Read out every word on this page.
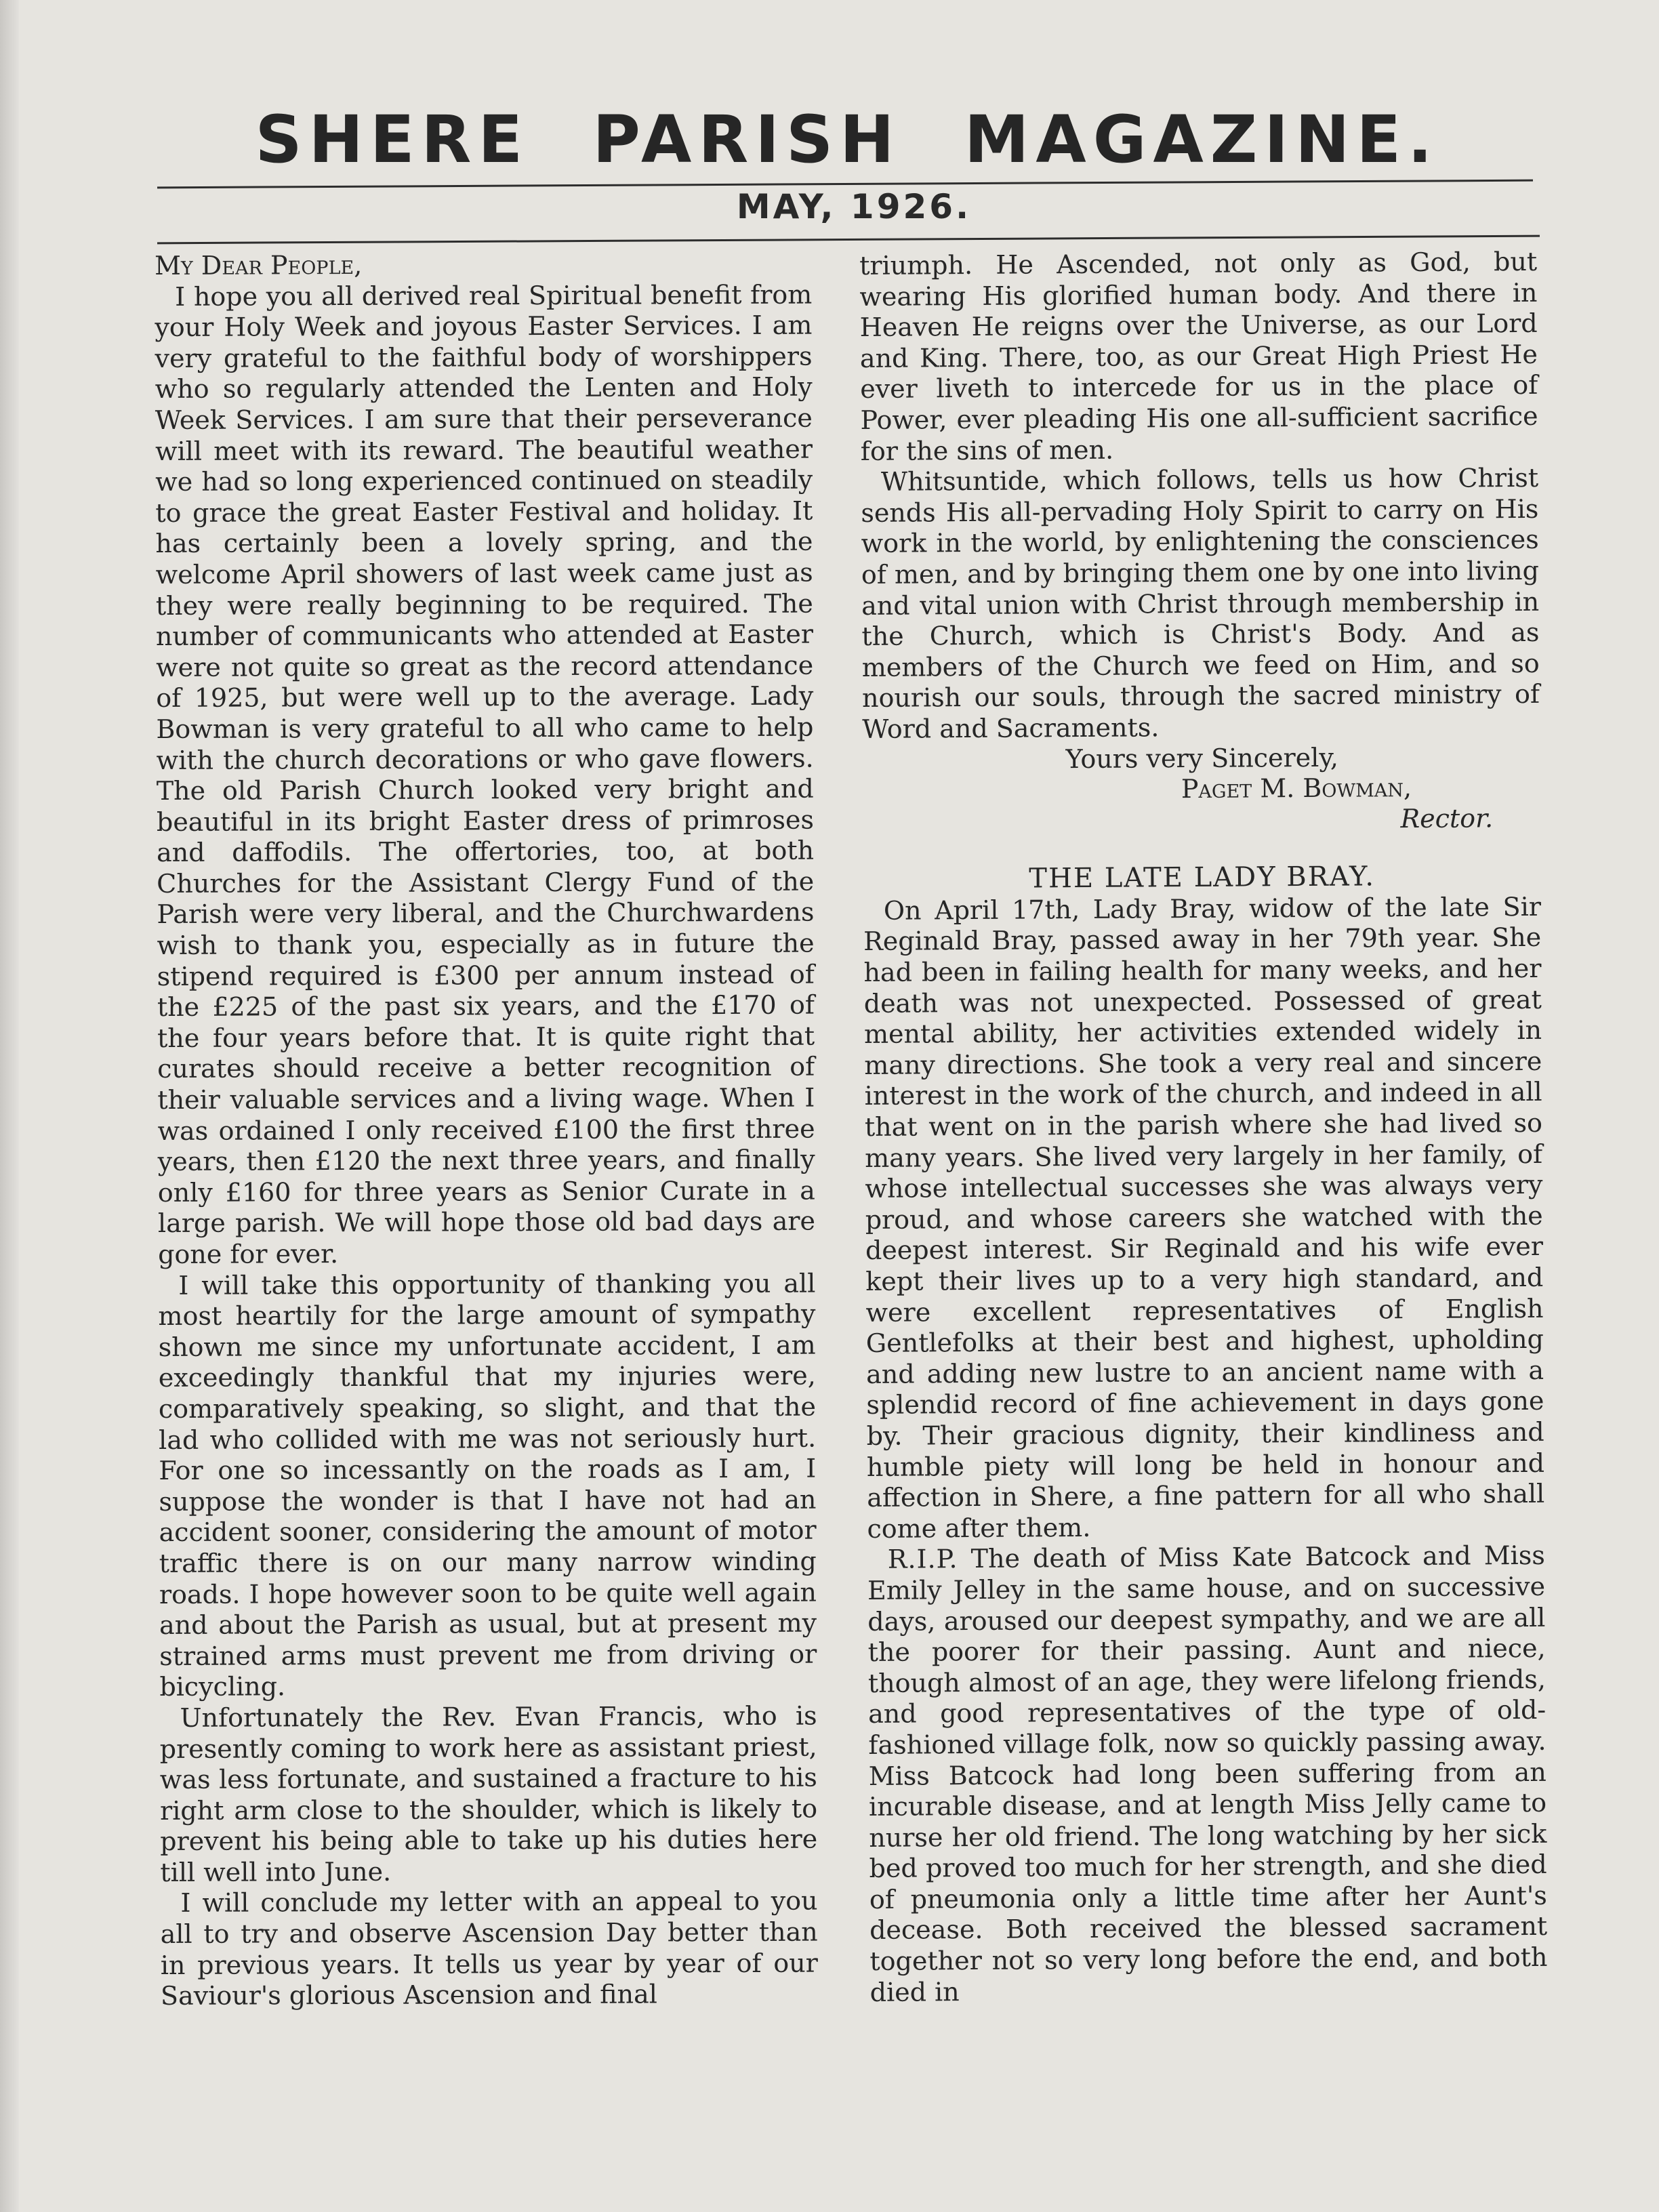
SHERE PARISH MAGAZINE.
MAY, 1926.

My Dear People,

I hope you all derived real Spiritual benefit from your Holy Week and joyous Easter Services. I am very grateful to the faithful body of worshippers who so regularly attended the Lenten and Holy Week Services. I am sure that their perseverance will meet with its reward. The beautiful weather we had so long experienced continued on steadily to grace the great Easter Festival and holiday. It has certainly been a lovely spring, and the welcome April showers of last week came just as they were really beginning to be required. The number of communicants who attended at Easter were not quite so great as the record attendance of 1925, but were well up to the average. Lady Bowman is very grateful to all who came to help with the church decorations or who gave flowers. The old Parish Church looked very bright and beautiful in its bright Easter dress of primroses and daffodils. The offertories, too, at both Churches for the Assistant Clergy Fund of the Parish were very liberal, and the Churchwardens wish to thank you, especially as in future the stipend required is £300 per annum instead of the £225 of the past six years, and the £170 of the four years before that. It is quite right that curates should receive a better recognition of their valuable services and a living wage. When I was ordained I only received £100 the first three years, then £120 the next three years, and finally only £160 for three years as Senior Curate in a large parish. We will hope those old bad days are gone for ever.

I will take this opportunity of thanking you all most heartily for the large amount of sympathy shown me since my unfortunate accident, I am exceedingly thankful that my injuries were, comparatively speaking, so slight, and that the lad who collided with me was not seriously hurt. For one so incessantly on the roads as I am, I suppose the wonder is that I have not had an accident sooner, considering the amount of motor traffic there is on our many narrow winding roads. I hope however soon to be quite well again and about the Parish as usual, but at present my strained arms must prevent me from driving or bicycling.

Unfortunately the Rev. Evan Francis, who is presently coming to work here as assistant priest, was less fortunate, and sustained a fracture to his right arm close to the shoulder, which is likely to prevent his being able to take up his duties here till well into June.

I will conclude my letter with an appeal to you all to try and observe Ascension Day better than in previous years. It tells us year by year of our Saviour's glorious Ascension and final

triumph. He Ascended, not only as God, but wearing His glorified human body. And there in Heaven He reigns over the Universe, as our Lord and King. There, too, as our Great High Priest He ever liveth to intercede for us in the place of Power, ever pleading His one all-sufficient sacrifice for the sins of men.

Whitsuntide, which follows, tells us how Christ sends His all-pervading Holy Spirit to carry on His work in the world, by enlightening the consciences of men, and by bringing them one by one into living and vital union with Christ through membership in the Church, which is Christ's Body. And as members of the Church we feed on Him, and so nourish our souls, through the sacred ministry of Word and Sacraments.

Yours very Sincerely,

Paget M. Bowman,

Rector.

THE LATE LADY BRAY.

On April 17th, Lady Bray, widow of the late Sir Reginald Bray, passed away in her 79th year. She had been in failing health for many weeks, and her death was not unexpected. Possessed of great mental ability, her activities extended widely in many directions. She took a very real and sincere interest in the work of the church, and indeed in all that went on in the parish where she had lived so many years. She lived very largely in her family, of whose intellectual successes she was always very proud, and whose careers she watched with the deepest interest. Sir Reginald and his wife ever kept their lives up to a very high standard, and were excellent representatives of English Gentlefolks at their best and highest, upholding and adding new lustre to an ancient name with a splendid record of fine achievement in days gone by. Their gracious dignity, their kindliness and humble piety will long be held in honour and affection in Shere, a fine pattern for all who shall come after them.

R.I.P. The death of Miss Kate Batcock and Miss Emily Jelley in the same house, and on successive days, aroused our deepest sympathy, and we are all the poorer for their passing. Aunt and niece, though almost of an age, they were lifelong friends, and good representatives of the type of old-fashioned village folk, now so quickly passing away. Miss Batcock had long been suffering from an incurable disease, and at length Miss Jelly came to nurse her old friend. The long watching by her sick bed proved too much for her strength, and she died of pneumonia only a little time after her Aunt's decease. Both received the blessed sacrament together not so very long before the end, and both died in
